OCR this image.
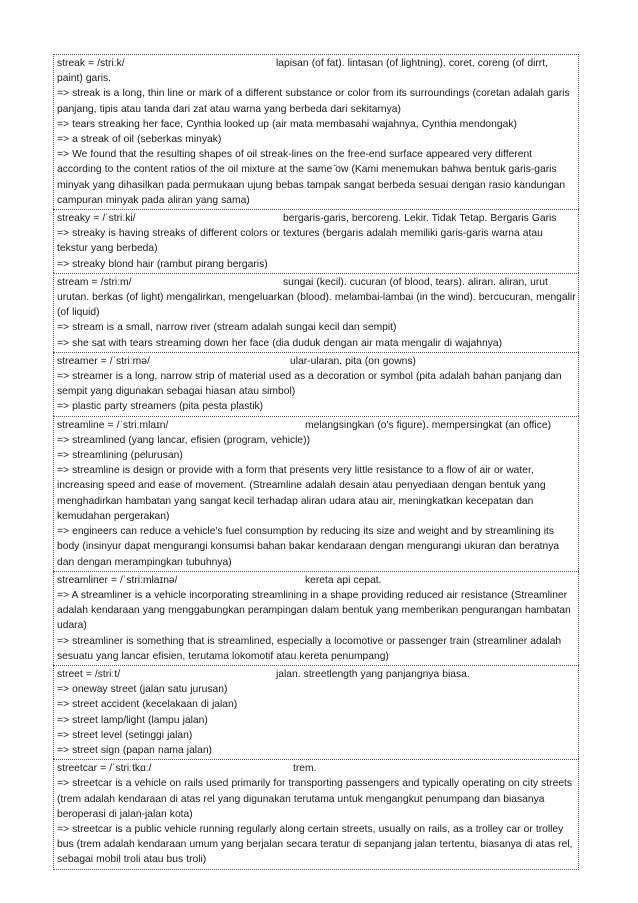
streak = /striːk/	lapisan (of fat). lintasan (of lightning). coret, coreng (of dirrt, paint) garis.
=> streak is a long, thin line or mark of a different substance or color from its surroundings (coretan adalah garis panjang, tipis atau tanda dari zat atau warna yang berbeda dari sekitarnya)
=> tears streaking her face, Cynthia looked up (air mata membasahi wajahnya, Cynthia mendongak)
=> a streak of oil (seberkas minyak)
=> We found that the resulting shapes of oil streak-lines on the free-end surface appeared very different according to the content ratios of the oil mixture at the same ̄ow (Kami menemukan bahwa bentuk garis-garis minyak yang dihasilkan pada permukaan ujung bebas tampak sangat berbeda sesuai dengan rasio kandungan campuran minyak pada aliran yang sama)
streaky = /ˈstriːki/	bergaris-garis, bercoreng. Lekir. Tidak Tetap. Bergaris Garis
=> streaky is having streaks of different colors or textures (bergaris adalah memiliki garis-garis warna atau tekstur yang berbeda)
=> streaky blond hair (rambut pirang bergaris)
stream = /striːm/	sungai (kecil). cucuran (of blood, tears). aliran. aliran, urut urutan. berkas (of light) mengalirkan, mengeluarkan (blood). melambai-lambai (in the wind). bercucuran, mengalir (of liquid)
=> stream is a small, narrow river (stream adalah sungai kecil dan sempit)
=> she sat with tears streaming down her face (dia duduk dengan air mata mengalir di wajahnya)
streamer = /ˈstriːmə/	ular-ularan. pita (on gowns)
=> streamer is a long, narrow strip of material used as a decoration or symbol (pita adalah bahan panjang dan sempit yang digunakan sebagai hiasan atau simbol)
=> plastic party streamers (pita pesta plastik)
streamline = /ˈstriːmlaɪn/	melangsingkan (o's figure). mempersingkat (an office)
=> streamlined (yang lancar, efisien (program, vehicle))
=> streamlining (pelurusan)
=> streamline is design or provide with a form that presents very little resistance to a flow of air or water, increasing speed and ease of movement. (Streamline adalah desain atau penyediaan dengan bentuk yang menghadirkan hambatan yang sangat kecil terhadap aliran udara atau air, meningkatkan kecepatan dan kemudahan pergerakan)
=> engineers can reduce a vehicle's fuel consumption by reducing its size and weight and by streamlining its body (insinyur dapat mengurangi konsumsi bahan bakar kendaraan dengan mengurangi ukuran dan beratnya dan dengan merampingkan tubuhnya)
streamliner = /ˈstriːmlaɪnə/	kereta api cepat.
=> A streamliner is a vehicle incorporating streamlining in a shape providing reduced air resistance (Streamliner adalah kendaraan yang menggabungkan perampingan dalam bentuk yang memberikan pengurangan hambatan udara)
=> streamliner is something that is streamlined, especially a locomotive or passenger train (streamliner adalah sesuatu yang lancar efisien, terutama lokomotif atau kereta penumpang)
street = /striːt/	jalan. streetlength yang panjangnya biasa.
=> oneway street (jalan satu jurusan)
=> street accident (kecelakaan di jalan)
=> street lamp/light (lampu jalan)
=> street level (setinggi jalan)
=> street sign (papan nama jalan)
streetcar = /ˈstriːtkɑː/	trem.
=> streetcar is a vehicle on rails used primarily for transporting passengers and typically operating on city streets (trem adalah kendaraan di atas rel yang digunakan terutama untuk mengangkut penumpang dan biasanya beroperasi di jalan-jalan kota)
=> streetcar is a public vehicle running regularly along certain streets, usually on rails, as a trolley car or trolley bus (trem adalah kendaraan umum yang berjalan secara teratur di sepanjang jalan tertentu, biasanya di atas rel, sebagai mobil troli atau bus troli)
